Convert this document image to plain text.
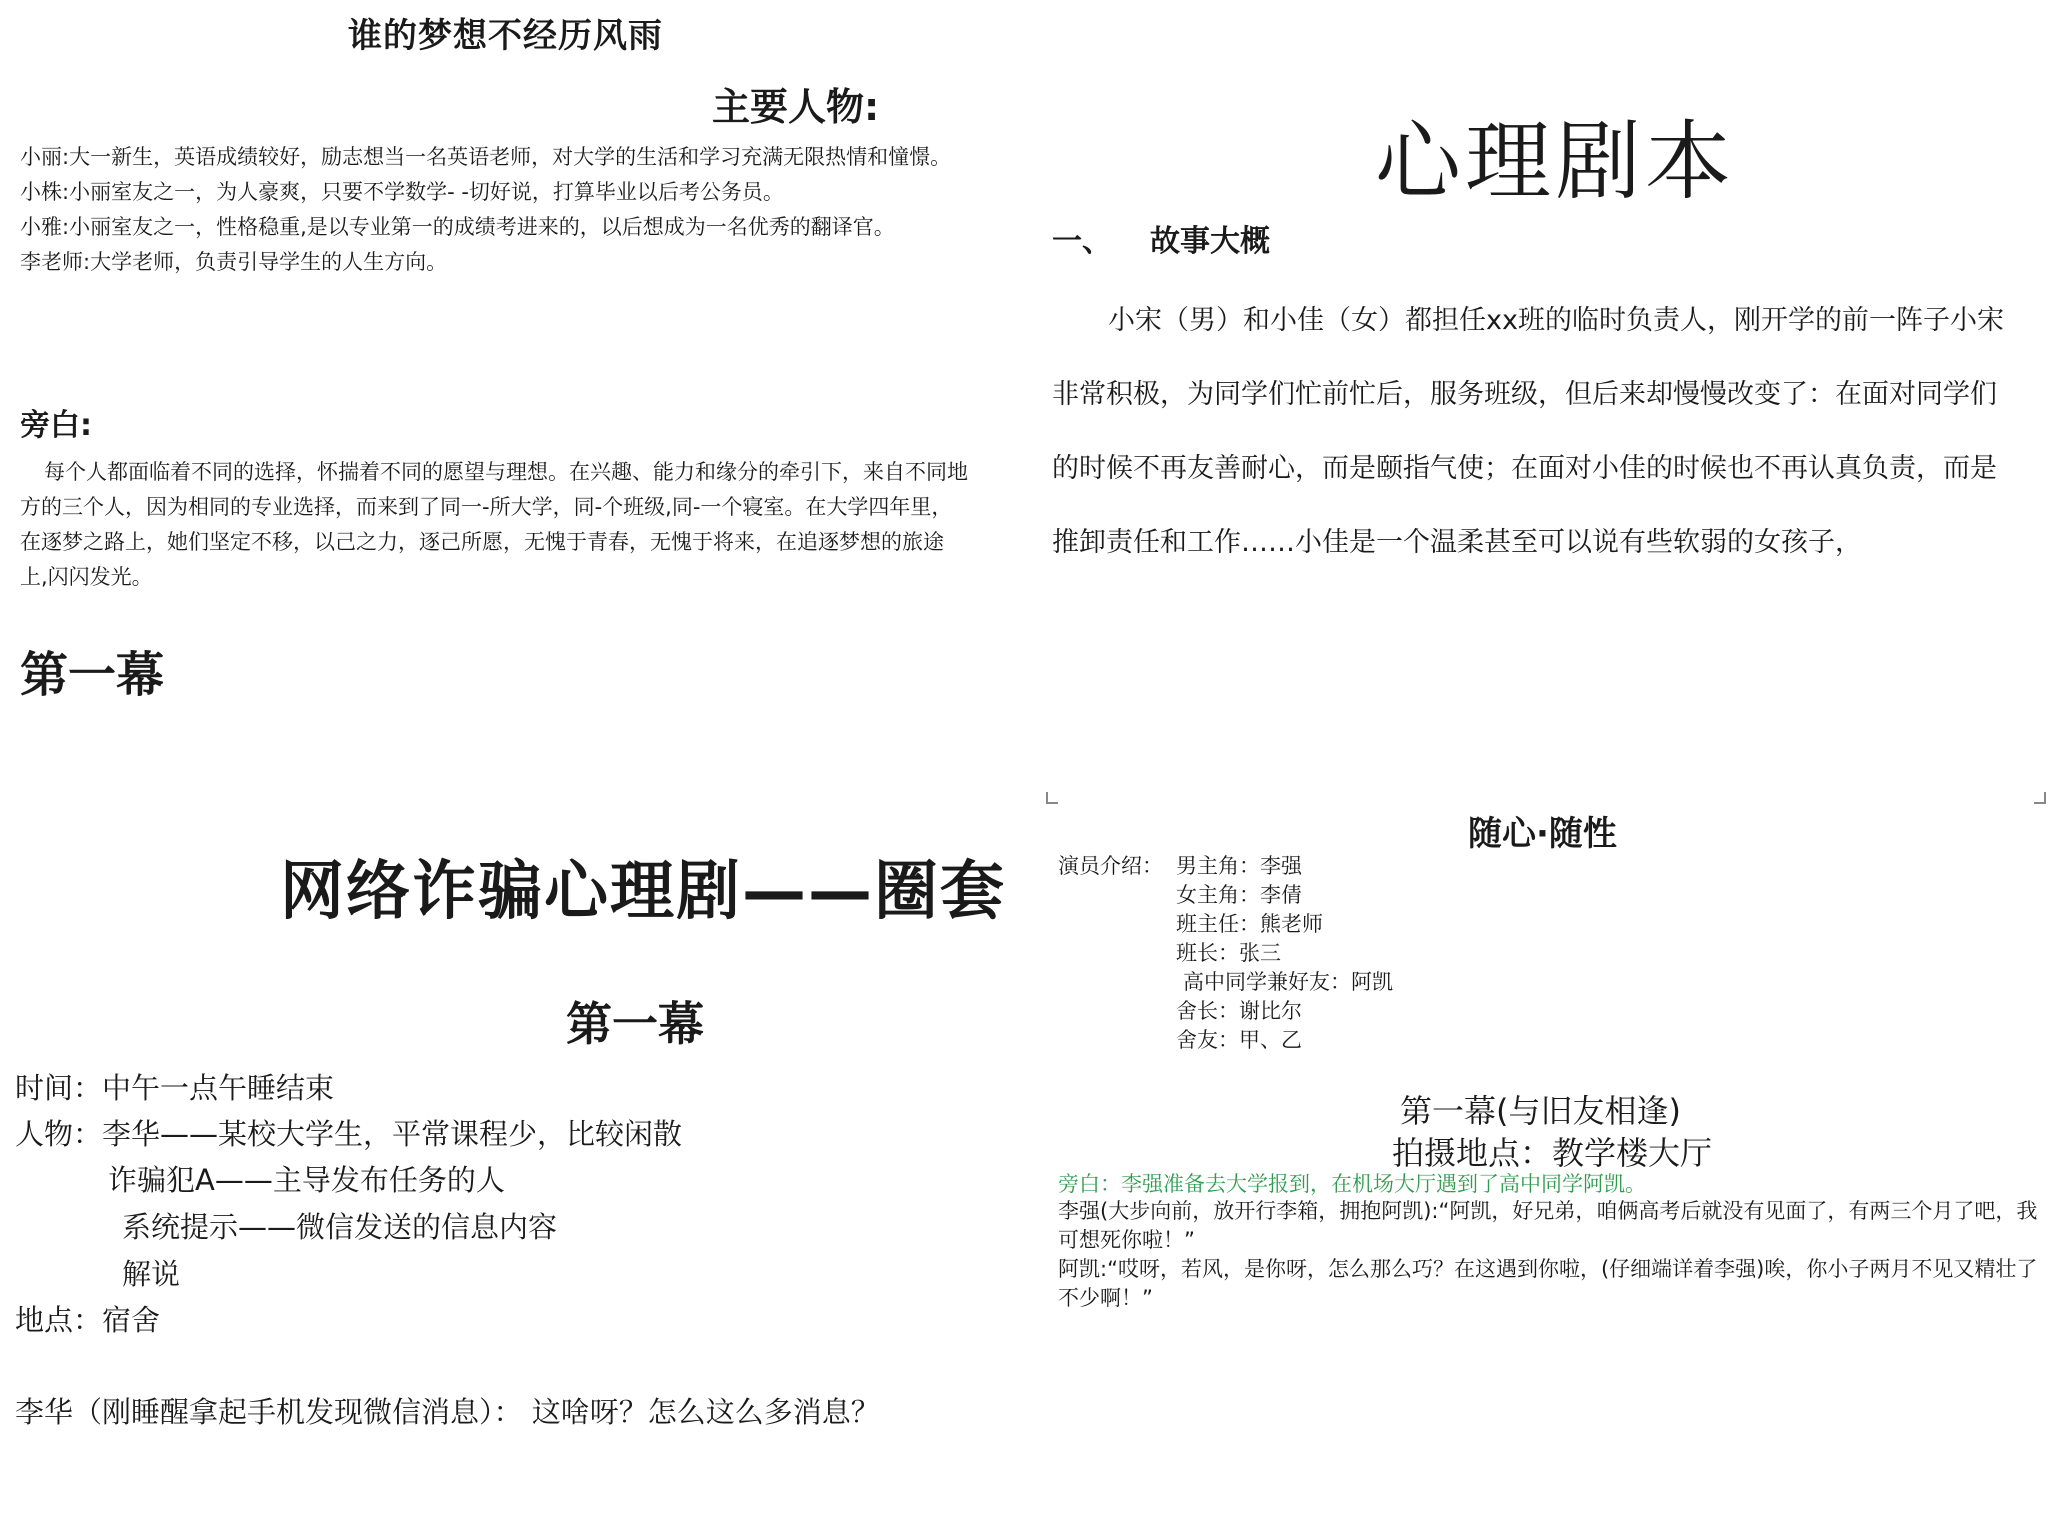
谁的梦想不经历风雨
主要人物:

小丽:大一新生，英语成绩较好，励志想当一名英语老师，对大学的生活和学习充满无限热情和憧憬。

小株:小丽室友之一，为人豪爽，只要不学数学- -切好说，打算毕业以后考公务员。

小雅:小丽室友之一，性格稳重,是以专业第一的成绩考进来的，以后想成为一名优秀的翻译官。

李老师:大学老师，负责引导学生的人生方向。

旁白:

每个人都面临着不同的选择，怀揣着不同的愿望与理想。在兴趣、能力和缘分的牵引下，来自不同地方的三个人，因为相同的专业选择，而来到了同一-所大学，同-个班级,同-一个寝室。在大学四年里，在逐梦之路上，她们坚定不移，以己之力，逐己所愿，无愧于青春，无愧于将来，在追逐梦想的旅途上,闪闪发光。

第一幕
心理剧本
一、 故事大概

小宋（男）和小佳（女）都担任xx班的临时负责人，刚开学的前一阵子小宋非常积极，为同学们忙前忙后，服务班级，但后来却慢慢改变了：在面对同学们的时候不再友善耐心，而是颐指气使；在面对小佳的时候也不再认真负责，而是推卸责任和工作……小佳是一个温柔甚至可以说有些软弱的女孩子，

网络诈骗心理剧——圈套
第一幕
时间：中午一点午睡结束
人物：李华——某校大学生，平常课程少，比较闲散
诈骗犯A——主导发布任务的人
系统提示——微信发送的信息内容
解说
地点：宿舍
李华（刚睡醒拿起手机发现微信消息）： 这啥呀？怎么这么多消息？
随心·随性
演员介绍： 男主角：李强
女主角：李倩
班主任：熊老师
班长：张三
高中同学兼好友：阿凯
舍长：谢比尔
舍友：甲、乙
第一幕(与旧友相逢)
拍摄地点：教学楼大厅
旁白：李强准备去大学报到，在机场大厅遇到了高中同学阿凯。

李强(大步向前，放开行李箱，拥抱阿凯):“阿凯，好兄弟，咱俩高考后就没有见面了，有两三个月了吧，我可想死你啦！”

阿凯:“哎呀，若风，是你呀，怎么那么巧？在这遇到你啦，(仔细端详着李强)唉，你小子两月不见又精壮了不少啊！”
